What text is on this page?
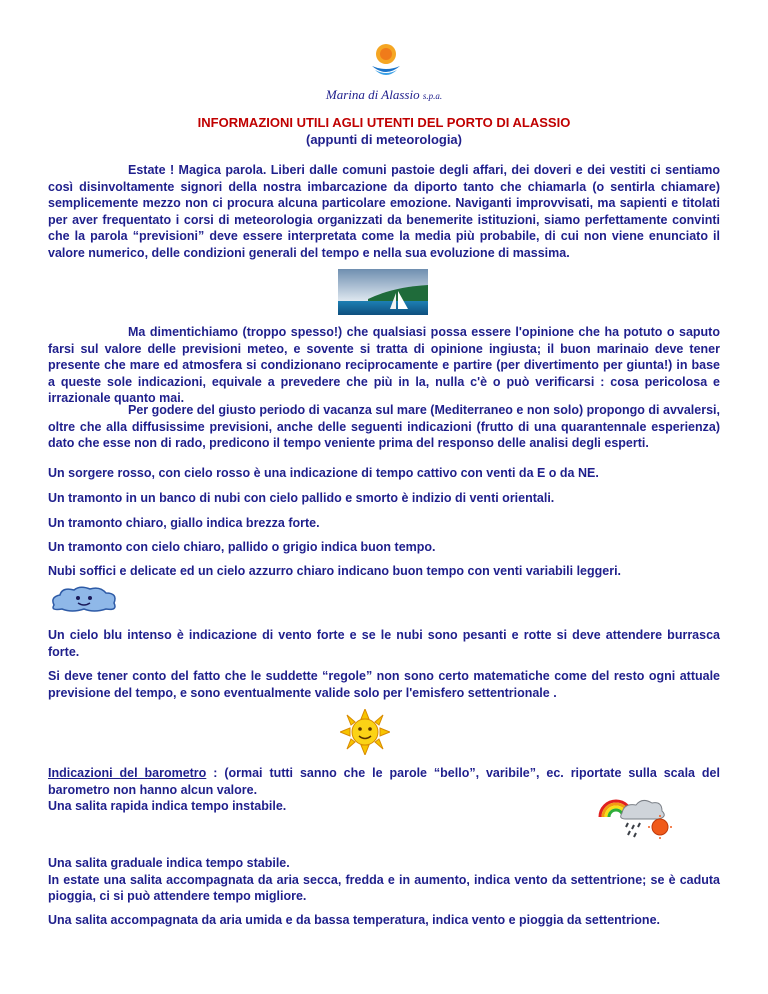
Marina di Alassio s.p.a.
INFORMAZIONI UTILI AGLI UTENTI DEL PORTO DI ALASSIO
(appunti di meteorologia)
Estate ! Magica parola. Liberi dalle comuni pastoie degli affari, dei doveri e dei vestiti ci sentiamo così disinvoltamente signori della nostra imbarcazione da diporto tanto che chiamarla (o sentirla chiamare) semplicemente mezzo non ci procura alcuna particolare emozione. Naviganti improvvisati, ma sapienti e titolati per aver frequentato i corsi di meteorologia organizzati da benemerite istituzioni, siamo perfettamente convinti che la parola “previsioni” deve essere interpretata come la media più probabile, di cui non viene enunciato il valore numerico, delle condizioni generali del tempo e nella sua evoluzione di massima.
Ma dimentichiamo (troppo spesso!) che qualsiasi possa essere l'opinione che ha potuto o saputo farsi sul valore delle previsioni meteo, e sovente si tratta di opinione ingiusta; il buon marinaio deve tener presente che mare ed atmosfera si condizionano reciprocamente e partire (per divertimento per giunta!) in base a queste sole indicazioni, equivale a prevedere che più in la, nulla c'è o può verificarsi : cosa pericolosa e irrazionale quanto mai.
Per godere del giusto periodo di vacanza sul mare (Mediterraneo e non solo) propongo di avvalersi, oltre che alla diffusissime previsioni, anche delle seguenti indicazioni (frutto di una quarantennale esperienza) dato che esse non di rado, predicono il tempo veniente prima del responso delle analisi degli esperti.
Un sorgere rosso, con cielo rosso è una indicazione di tempo cattivo con venti da E o da NE.
Un tramonto in un banco di nubi con cielo pallido e smorto è indizio di venti orientali.
Un tramonto chiaro, giallo indica brezza forte.
Un tramonto con cielo chiaro, pallido o grigio indica buon tempo.
Nubi soffici e delicate ed un cielo azzurro chiaro indicano buon tempo con venti variabili leggeri.
Un cielo blu intenso è indicazione di vento forte e se le nubi sono pesanti e rotte si deve attendere burrasca forte.
Si deve tener conto del fatto che le suddette “regole” non sono certo matematiche come del resto ogni attuale previsione del tempo, e sono eventualmente valide solo per l'emisfero settentrionale .
Indicazioni del barometro : (ormai tutti sanno che le parole “bello”, varibile”, ec. riportate sulla scala del barometro non hanno alcun valore.
Una salita rapida indica tempo instabile.
Una salita graduale indica tempo stabile.
In estate una salita accompagnata da aria secca, fredda e in aumento, indica vento da settentrione; se è caduta pioggia, ci si può attendere tempo migliore.
Una salita accompagnata da aria umida e da bassa temperatura, indica vento e pioggia da settentrione.
